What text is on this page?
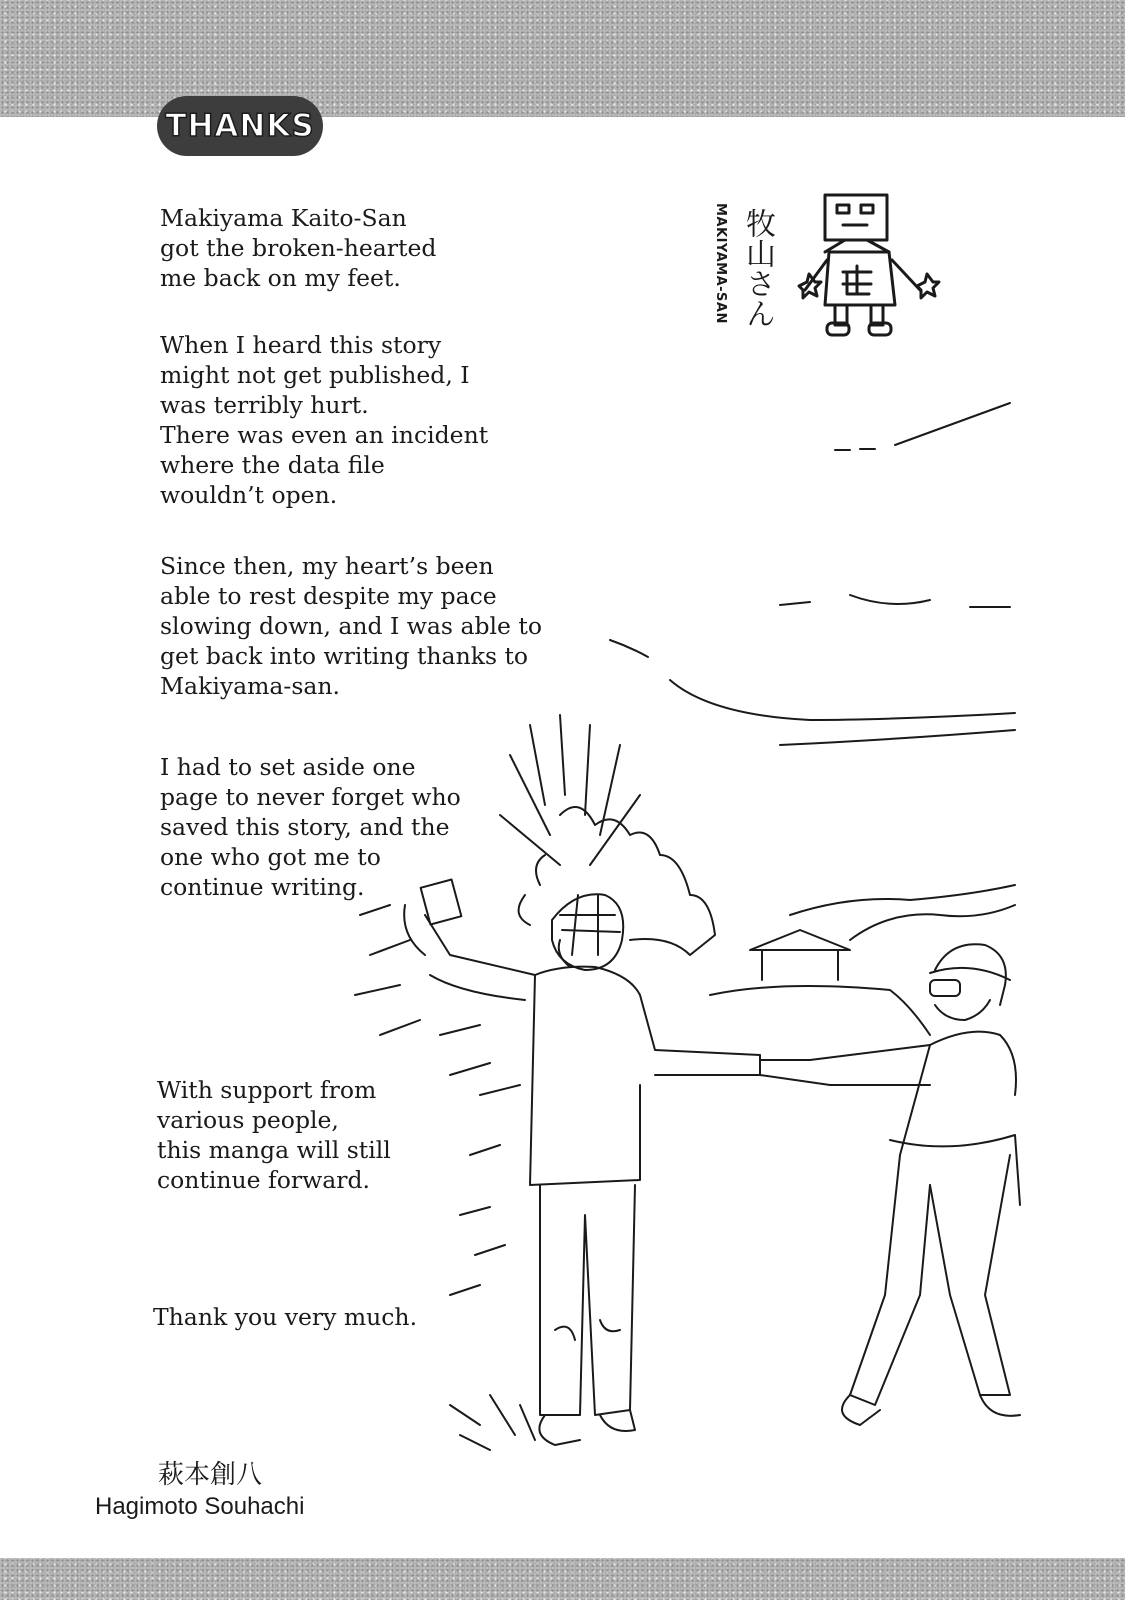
THANKS

Makiyama Kaito-San
got the broken-hearted
me back on my feet.

When I heard this story
might not get published, I
was terribly hurt.
There was even an incident
where the data file
wouldn’t open.

Since then, my heart’s been
able to rest despite my pace
slowing down, and I was able to
get back into writing thanks to
Makiyama-san.

I had to set aside one
page to never forget who
saved this story, and the
one who got me to
continue writing.

With support from
various people,
this manga will still
continue forward.

Thank you very much.

MAKIYAMA-SAN 牧山さん
萩本創八
Hagimoto Souhachi
